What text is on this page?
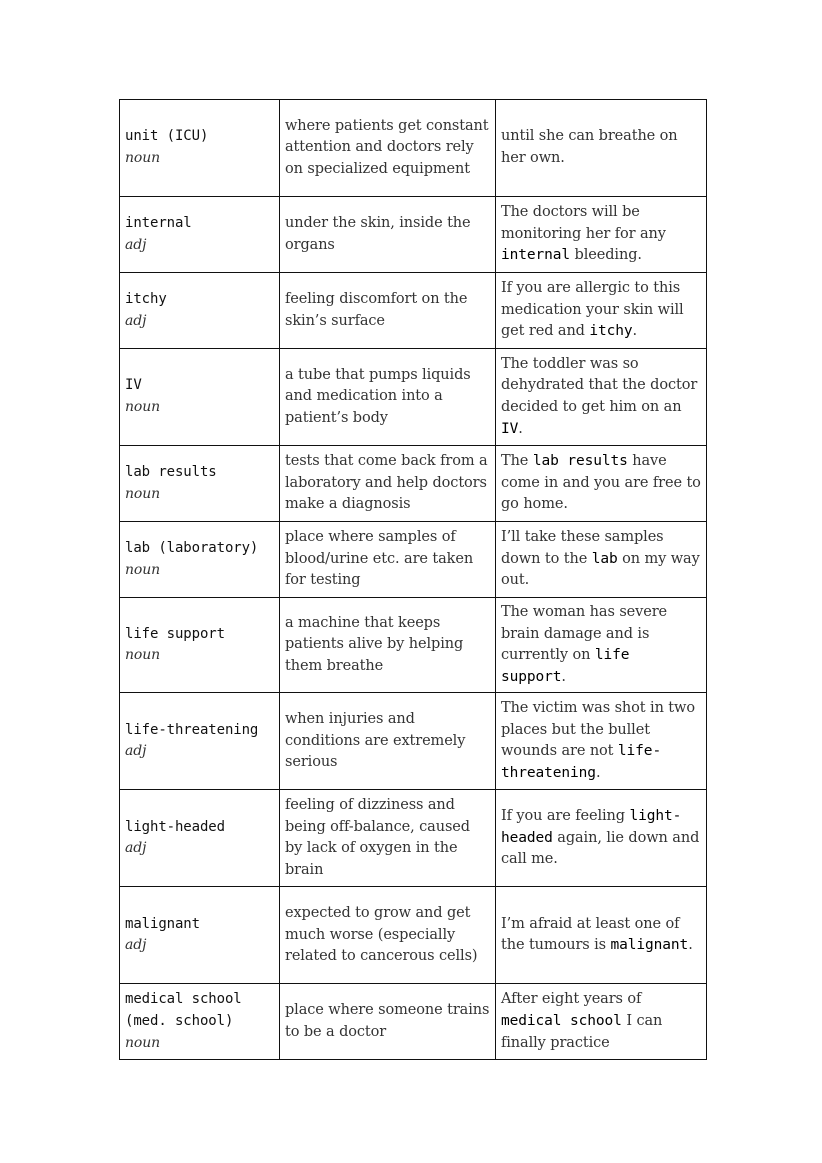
unit (ICU)
noun	where patients get constant attention and doctors rely on specialized equipment	until she can breathe on her own.

internal
adj	under the skin, inside the organs	The doctors will be monitoring her for any internal bleeding.

itchy
adj	feeling discomfort on the skin’s surface	If you are allergic to this medication your skin will get red and itchy.

IV
noun	a tube that pumps liquids and medication into a patient’s body	The toddler was so dehydrated that the doctor decided to get him on an IV.

lab results
noun	tests that come back from a laboratory and help doctors make a diagnosis	The lab results have come in and you are free to go home.

lab (laboratory)
noun	place where samples of blood/urine etc. are taken for testing	I’ll take these samples down to the lab on my way out.

life support
noun	a machine that keeps patients alive by helping them breathe	The woman has severe brain damage and is currently on life support.

life-threatening
adj	when injuries and conditions are extremely serious	The victim was shot in two places but the bullet wounds are not life-threatening.

light-headed
adj	feeling of dizziness and being off-balance, caused by lack of oxygen in the brain	If you are feeling light-headed again, lie down and call me.

malignant
adj	expected to grow and get much worse (especially related to cancerous cells)	I’m afraid at least one of the tumours is malignant.

medical school (med. school)
noun	place where someone trains to be a doctor	After eight years of medical school I can finally practice
